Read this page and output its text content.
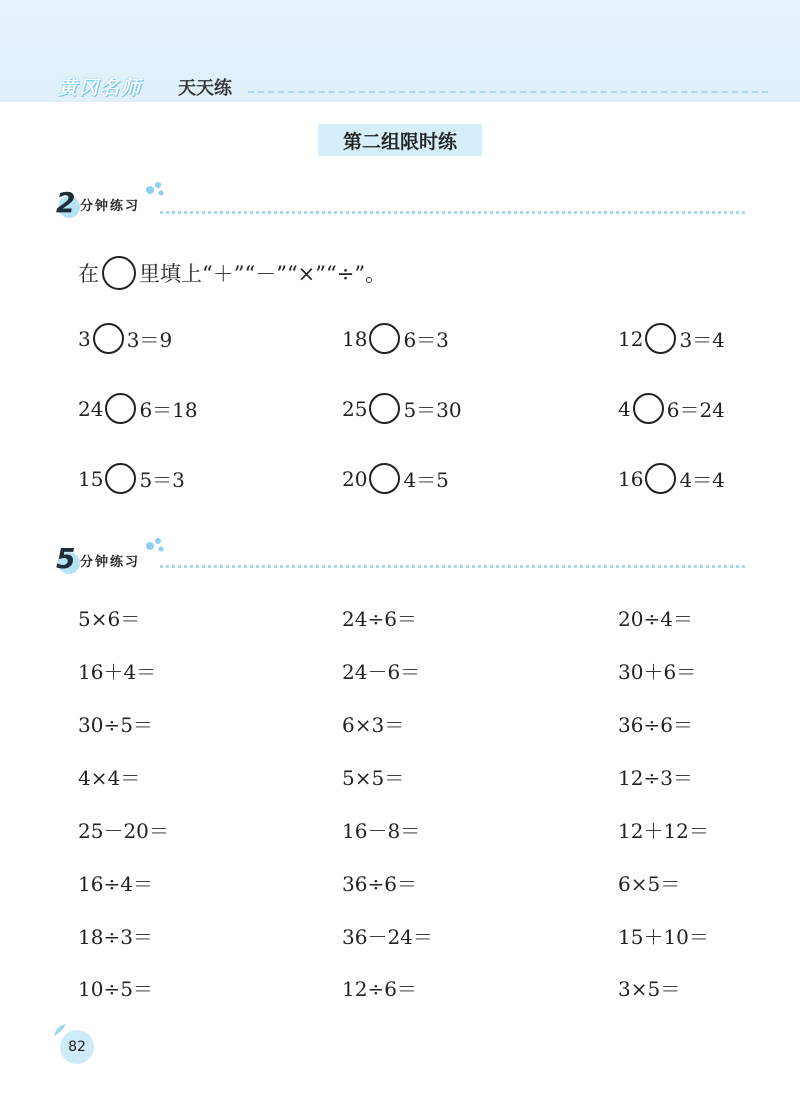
黄冈名师 天天练
第二组限时练
2 分钟练习
在 里填上“＋”“－”“×”“÷”。
3 3＝9	18 6＝3	12 3＝4
24 6＝18	25 5＝30	4 6＝24
15 5＝3	20 4＝5	16 4＝4
5 分钟练习
5×6＝	24÷6＝	20÷4＝
16＋4＝	24－6＝	30＋6＝
30÷5＝	6×3＝	36÷6＝
4×4＝	5×5＝	12÷3＝
25－20＝	16－8＝	12＋12＝
16÷4＝	36÷6＝	6×5＝
18÷3＝	36－24＝	15＋10＝
10÷5＝	12÷6＝	3×5＝
82
